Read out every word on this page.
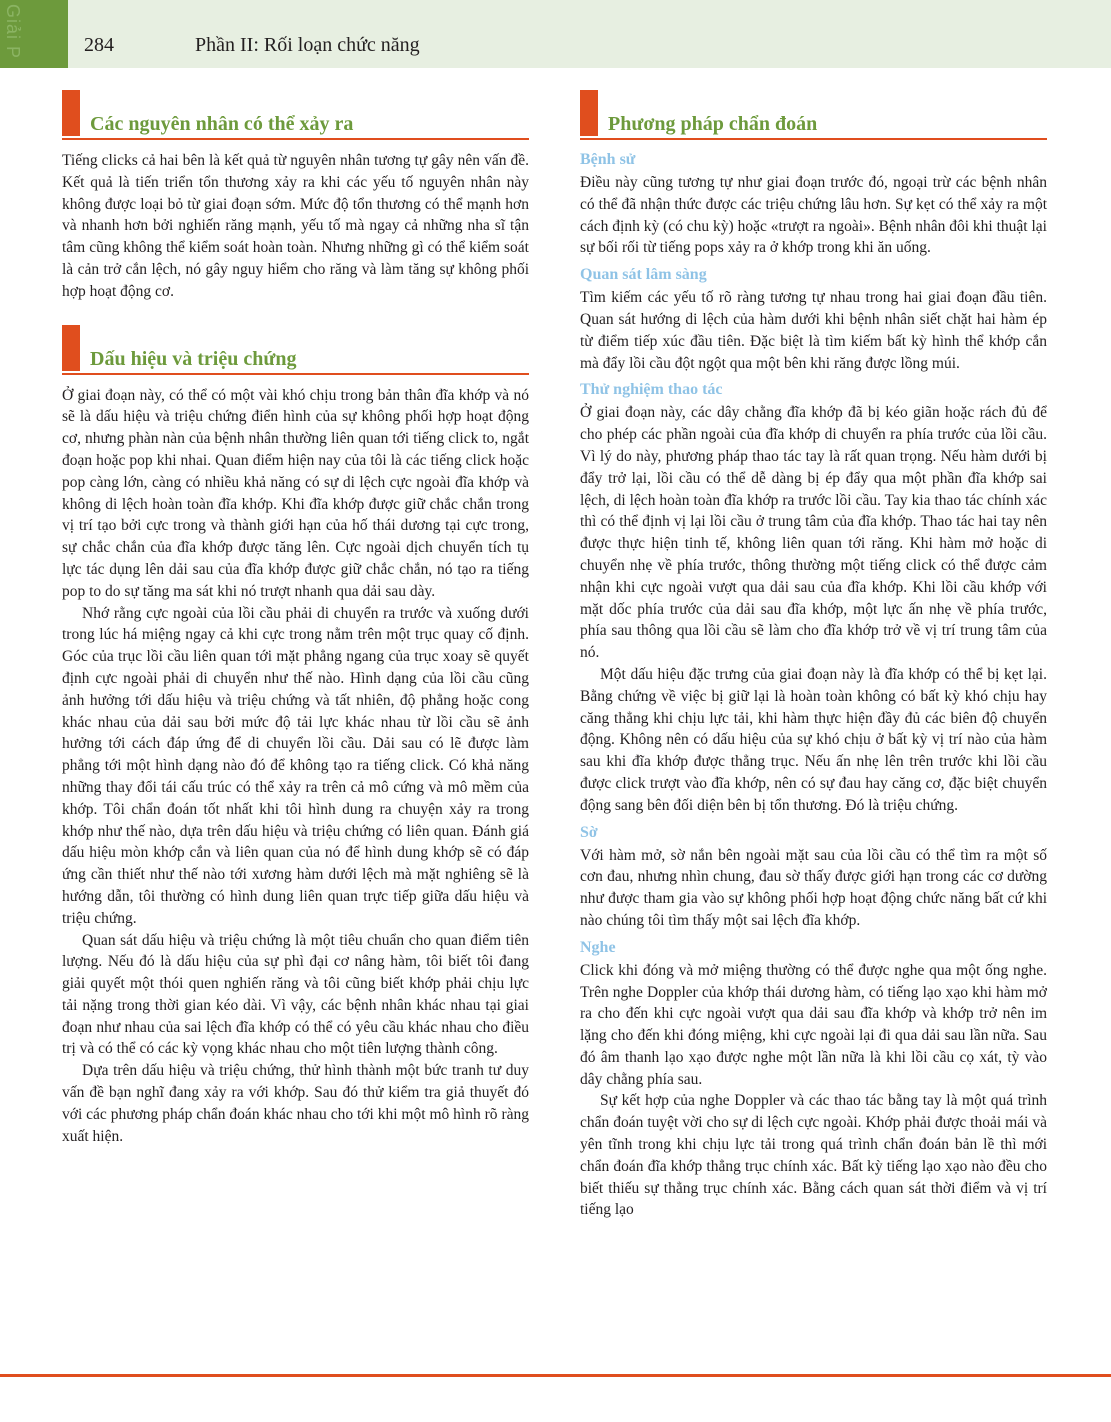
Giải P	284	Phần II: Rối loạn chức năng
Các nguyên nhân có thể xảy ra

Tiếng clicks cả hai bên là kết quả từ nguyên nhân tương tự gây nên vấn đề. Kết quả là tiến triển tổn thương xảy ra khi các yếu tố nguyên nhân này không được loại bỏ từ giai đoạn sớm. Mức độ tổn thương có thể mạnh hơn và nhanh hơn bởi nghiến răng mạnh, yếu tố mà ngay cả những nha sĩ tận tâm cũng không thể kiểm soát hoàn toàn. Nhưng những gì có thể kiểm soát là cản trở cắn lệch, nó gây nguy hiểm cho răng và làm tăng sự không phối hợp hoạt động cơ.

Dấu hiệu và triệu chứng

Ở giai đoạn này, có thể có một vài khó chịu trong bản thân đĩa khớp và nó sẽ là dấu hiệu và triệu chứng điển hình của sự không phối hợp hoạt động cơ, nhưng phàn nàn của bệnh nhân thường liên quan tới tiếng click to, ngắt đoạn hoặc pop khi nhai. Quan điểm hiện nay của tôi là các tiếng click hoặc pop càng lớn, càng có nhiều khả năng có sự di lệch cực ngoài đĩa khớp và không di lệch hoàn toàn đĩa khớp. Khi đĩa khớp được giữ chắc chắn trong vị trí tạo bởi cực trong và thành giới hạn của hố thái dương tại cực trong, sự chắc chắn của đĩa khớp được tăng lên. Cực ngoài dịch chuyển tích tụ lực tác dụng lên dải sau của đĩa khớp được giữ chắc chắn, nó tạo ra tiếng pop to do sự tăng ma sát khi nó trượt nhanh qua dải sau dày.

Nhớ rằng cực ngoài của lồi cầu phải di chuyển ra trước và xuống dưới trong lúc há miệng ngay cả khi cực trong nằm trên một trục quay cố định. Góc của trục lồi cầu liên quan tới mặt phẳng ngang của trục xoay sẽ quyết định cực ngoài phải di chuyển như thế nào. Hình dạng của lồi cầu cũng ảnh hưởng tới dấu hiệu và triệu chứng và tất nhiên, độ phẳng hoặc cong khác nhau của dải sau bởi mức độ tải lực khác nhau từ lồi cầu sẽ ảnh hưởng tới cách đáp ứng để di chuyển lồi cầu. Dải sau có lẽ được làm phẳng tới một hình dạng nào đó để không tạo ra tiếng click. Có khả năng những thay đổi tái cấu trúc có thể xảy ra trên cả mô cứng và mô mềm của khớp. Tôi chẩn đoán tốt nhất khi tôi hình dung ra chuyện xảy ra trong khớp như thế nào, dựa trên dấu hiệu và triệu chứng có liên quan. Đánh giá dấu hiệu mòn khớp cắn và liên quan của nó để hình dung khớp sẽ có đáp ứng cần thiết như thế nào tới xương hàm dưới lệch mà mặt nghiêng sẽ là hướng dẫn, tôi thường có hình dung liên quan trực tiếp giữa dấu hiệu và triệu chứng.

Quan sát dấu hiệu và triệu chứng là một tiêu chuẩn cho quan điểm tiên lượng. Nếu đó là dấu hiệu của sự phì đại cơ nâng hàm, tôi biết tôi đang giải quyết một thói quen nghiến răng và tôi cũng biết khớp phải chịu lực tải nặng trong thời gian kéo dài. Vì vậy, các bệnh nhân khác nhau tại giai đoạn như nhau của sai lệch đĩa khớp có thể có yêu cầu khác nhau cho điều trị và có thể có các kỳ vọng khác nhau cho một tiên lượng thành công.

Dựa trên dấu hiệu và triệu chứng, thử hình thành một bức tranh tư duy vấn đề bạn nghĩ đang xảy ra với khớp. Sau đó thử kiểm tra giả thuyết đó với các phương pháp chẩn đoán khác nhau cho tới khi một mô hình rõ ràng xuất hiện.

Phương pháp chẩn đoán
Bệnh sử

Điều này cũng tương tự như giai đoạn trước đó, ngoại trừ các bệnh nhân có thể đã nhận thức được các triệu chứng lâu hơn. Sự kẹt có thể xảy ra một cách định kỳ (có chu kỳ) hoặc «trượt ra ngoài». Bệnh nhân đôi khi thuật lại sự bối rối từ tiếng pops xảy ra ở khớp trong khi ăn uống.

Quan sát lâm sàng

Tìm kiếm các yếu tố rõ ràng tương tự nhau trong hai giai đoạn đầu tiên. Quan sát hướng di lệch của hàm dưới khi bệnh nhân siết chặt hai hàm ép từ điểm tiếp xúc đầu tiên. Đặc biệt là tìm kiếm bất kỳ hình thể khớp cắn mà đẩy lồi cầu đột ngột qua một bên khi răng được lồng múi.

Thử nghiệm thao tác

Ở giai đoạn này, các dây chằng đĩa khớp đã bị kéo giãn hoặc rách đủ để cho phép các phần ngoài của đĩa khớp di chuyển ra phía trước của lồi cầu. Vì lý do này, phương pháp thao tác tay là rất quan trọng. Nếu hàm dưới bị đẩy trở lại, lồi cầu có thể dễ dàng bị ép đẩy qua một phần đĩa khớp sai lệch, di lệch hoàn toàn đĩa khớp ra trước lồi cầu. Tay kia thao tác chính xác thì có thể định vị lại lồi cầu ở trung tâm của đĩa khớp. Thao tác hai tay nên được thực hiện tinh tế, không liên quan tới răng. Khi hàm mở hoặc di chuyển nhẹ về phía trước, thông thường một tiếng click có thể được cảm nhận khi cực ngoài vượt qua dải sau của đĩa khớp. Khi lồi cầu khớp với mặt dốc phía trước của dải sau đĩa khớp, một lực ấn nhẹ về phía trước, phía sau thông qua lồi cầu sẽ làm cho đĩa khớp trở về vị trí trung tâm của nó.

Một dấu hiệu đặc trưng của giai đoạn này là đĩa khớp có thể bị kẹt lại. Bằng chứng về việc bị giữ lại là hoàn toàn không có bất kỳ khó chịu hay căng thẳng khi chịu lực tải, khi hàm thực hiện đầy đủ các biên độ chuyển động. Không nên có dấu hiệu của sự khó chịu ở bất kỳ vị trí nào của hàm sau khi đĩa khớp được thẳng trục. Nếu ấn nhẹ lên trên trước khi lồi cầu được click trượt vào đĩa khớp, nên có sự đau hay căng cơ, đặc biệt chuyển động sang bên đối diện bên bị tổn thương. Đó là triệu chứng.

Sờ

Với hàm mở, sờ nắn bên ngoài mặt sau của lồi cầu có thể tìm ra một số cơn đau, nhưng nhìn chung, đau sờ thấy được giới hạn trong các cơ dường như được tham gia vào sự không phối hợp hoạt động chức năng bất cứ khi nào chúng tôi tìm thấy một sai lệch đĩa khớp.

Nghe

Click khi đóng và mở miệng thường có thể được nghe qua một ống nghe. Trên nghe Doppler của khớp thái dương hàm, có tiếng lạo xạo khi hàm mở ra cho đến khi cực ngoài vượt qua dải sau đĩa khớp và khớp trở nên im lặng cho đến khi đóng miệng, khi cực ngoài lại đi qua dải sau lần nữa. Sau đó âm thanh lạo xạo được nghe một lần nữa là khi lồi cầu cọ xát, tỳ vào dây chằng phía sau.

Sự kết hợp của nghe Doppler và các thao tác bằng tay là một quá trình chẩn đoán tuyệt vời cho sự di lệch cực ngoài. Khớp phải được thoải mái và yên tĩnh trong khi chịu lực tải trong quá trình chẩn đoán bản lề thì mới chẩn đoán đĩa khớp thẳng trục chính xác. Bất kỳ tiếng lạo xạo nào đều cho biết thiếu sự thẳng trục chính xác. Bằng cách quan sát thời điểm và vị trí tiếng lạo
